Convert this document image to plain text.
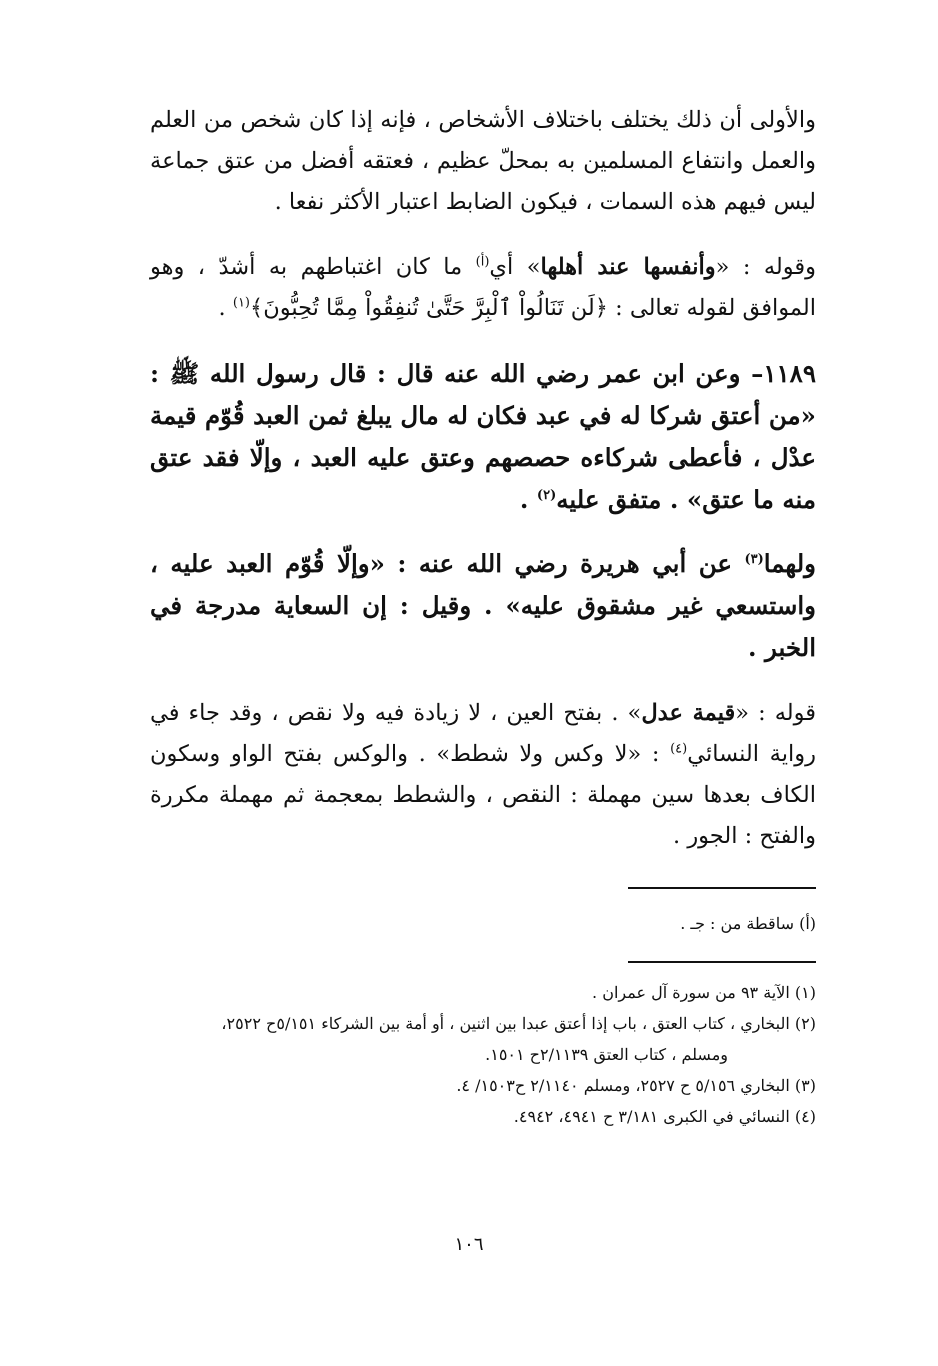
والأولى أن ذلك يختلف باختلاف الأشخاص ، فإنه إذا كان شخص من العلم والعمل وانتفاع المسلمين به بمحلّ عظيم ، فعتقه أفضل من عتق جماعة ليس فيهم هذه السمات ، فيكون الضابط اعتبار الأكثر نفعا .

وقوله : «وأنفسها عند أهلها» أي$^{(أ)}$ ما كان اغتباطهم به أشدّ ، وهو الموافق لقوله تعالى : ﴿لَن تَنَالُواْ ٱلْبِرَّ حَتَّىٰ تُنفِقُواْ مِمَّا تُحِبُّونَ﴾$^{(١)}$ .

١١٨٩– وعن ابن عمر رضي الله عنه قال : قال رسول الله ﷺ : «من أعتق شركا له في عبد فكان له مال يبلغ ثمن العبد قُوّم قيمة عدْل ، فأعطى شركاءه حصصهم وعتق عليه العبد ، وإلّا فقد عتق منه ما عتق» . متفق عليه$^{(٢)}$ .

ولهما$^{(٣)}$ عن أبي هريرة رضي الله عنه : «وإلّا قُوّم العبد عليه ، واستسعي غير مشقوق عليه» . وقيل : إن السعاية مدرجة في الخبر .

قوله : «قيمة عدل» . بفتح العين ، لا زيادة فيه ولا نقص ، وقد جاء في رواية النسائي$^{(٤)}$ : «لا وكس ولا شطط» . والوكس بفتح الواو وسكون الكاف بعدها سين مهملة : النقص ، والشطط بمعجمة ثم مهملة مكررة والفتح : الجور .

(أ) ساقطة من : جـ .

(١) الآية ٩٣ من سورة آل عمران .

(٢) البخاري ، كتاب العتق ، باب إذا أعتق عبدا بين اثنين ، أو أمة بين الشركاء ٥/١٥١ح ٢٥٢٢،

ومسلم ، كتاب العتق ٢/١١٣٩ح ١٥٠١.

(٣) البخاري ٥/١٥٦ ح ٢٥٢٧، ومسلم ٢/١١٤٠ ح١٥٠٣/ ٤.

(٤) النسائي في الكبرى ٣/١٨١ ح ٤٩٤١، ٤٩٤٢.

١٠٦
